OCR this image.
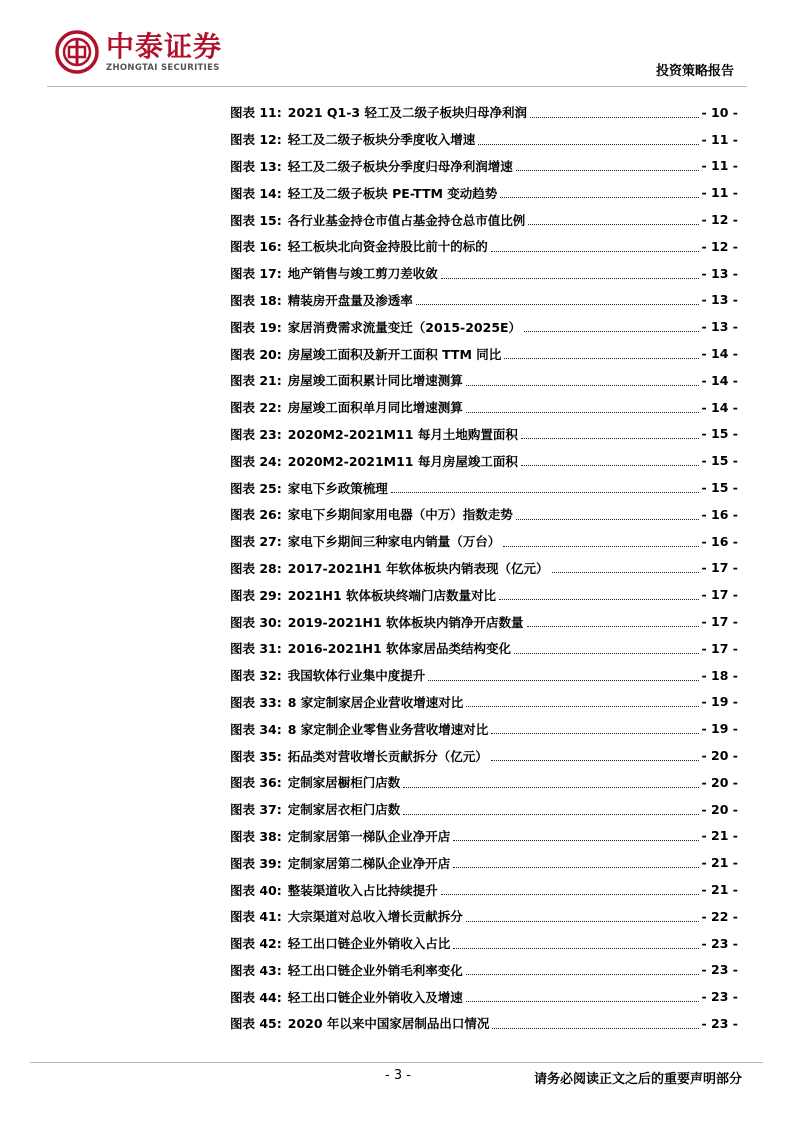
中泰证券
ZHONGTAI SECURITIES	投资策略报告
图表 11: 2021 Q1-3 轻工及二级子板块归母净利润	- 10 -
图表 12: 轻工及二级子板块分季度收入增速	- 11 -
图表 13: 轻工及二级子板块分季度归母净利润增速	- 11 -
图表 14: 轻工及二级子板块 PE-TTM 变动趋势	- 11 -
图表 15: 各行业基金持仓市值占基金持仓总市值比例	- 12 -
图表 16: 轻工板块北向资金持股比前十的标的	- 12 -
图表 17: 地产销售与竣工剪刀差收敛	- 13 -
图表 18: 精装房开盘量及渗透率	- 13 -
图表 19: 家居消费需求流量变迁（2015-2025E）	- 13 -
图表 20: 房屋竣工面积及新开工面积 TTM 同比	- 14 -
图表 21: 房屋竣工面积累计同比增速测算	- 14 -
图表 22: 房屋竣工面积单月同比增速测算	- 14 -
图表 23: 2020M2-2021M11 每月土地购置面积	- 15 -
图表 24: 2020M2-2021M11 每月房屋竣工面积	- 15 -
图表 25: 家电下乡政策梳理	- 15 -
图表 26: 家电下乡期间家用电器（中万）指数走势	- 16 -
图表 27: 家电下乡期间三种家电内销量（万台）	- 16 -
图表 28: 2017-2021H1 年软体板块内销表现（亿元）	- 17 -
图表 29: 2021H1 软体板块终端门店数量对比	- 17 -
图表 30: 2019-2021H1 软体板块内销净开店数量	- 17 -
图表 31: 2016-2021H1 软体家居品类结构变化	- 17 -
图表 32: 我国软体行业集中度提升	- 18 -
图表 33: 8 家定制家居企业营收增速对比	- 19 -
图表 34: 8 家定制企业零售业务营收增速对比	- 19 -
图表 35: 拓品类对营收增长贡献拆分（亿元）	- 20 -
图表 36: 定制家居橱柜门店数	- 20 -
图表 37: 定制家居衣柜门店数	- 20 -
图表 38: 定制家居第一梯队企业净开店	- 21 -
图表 39: 定制家居第二梯队企业净开店	- 21 -
图表 40: 整装渠道收入占比持续提升	- 21 -
图表 41: 大宗渠道对总收入增长贡献拆分	- 22 -
图表 42: 轻工出口链企业外销收入占比	- 23 -
图表 43: 轻工出口链企业外销毛利率变化	- 23 -
图表 44: 轻工出口链企业外销收入及增速	- 23 -
图表 45: 2020 年以来中国家居制品出口情况	- 23 -
- 3 -	请务必阅读正文之后的重要声明部分
